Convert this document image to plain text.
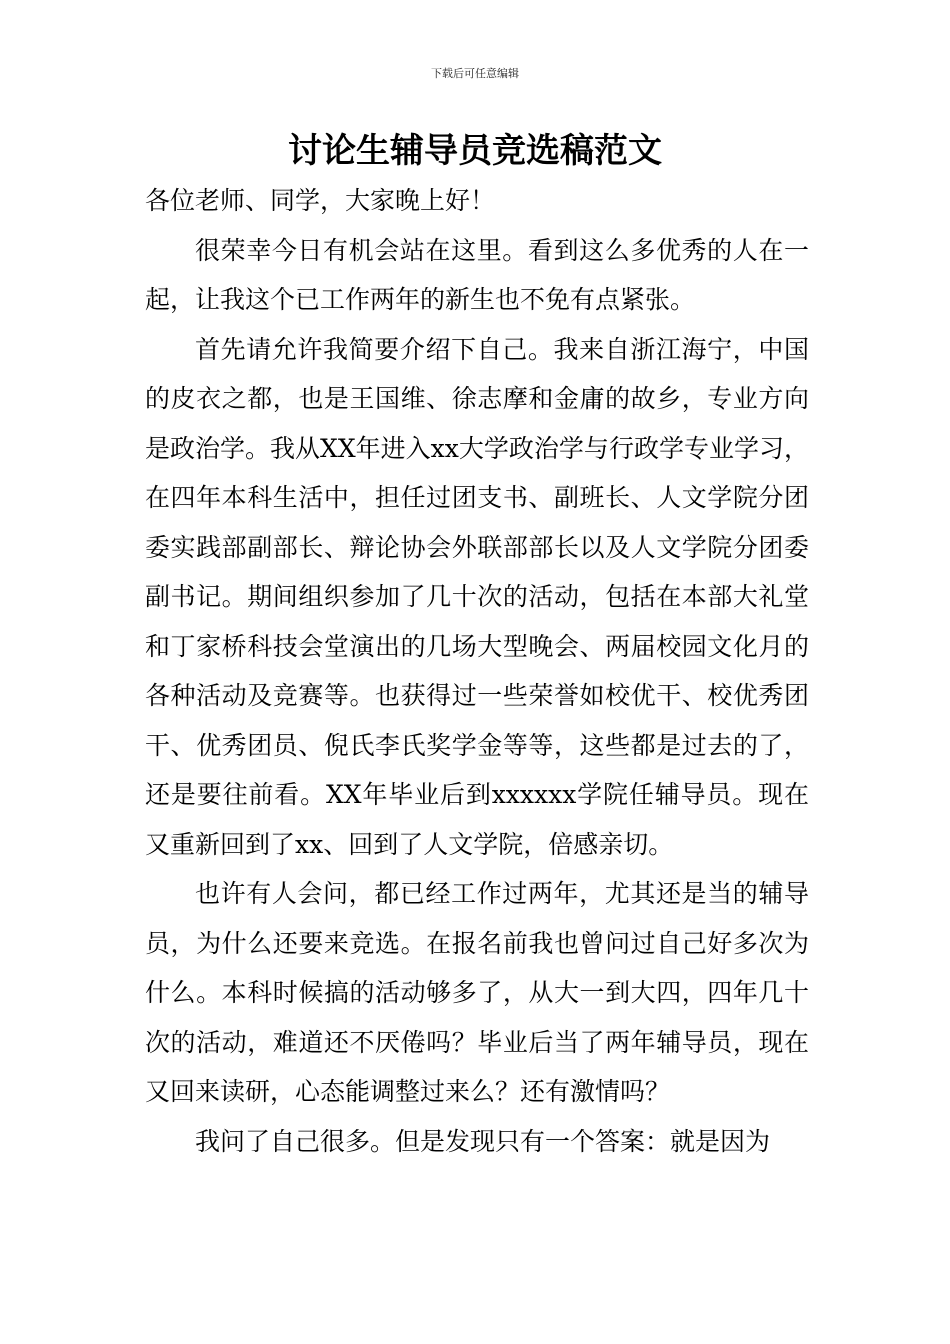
下载后可任意编辑
讨论生辅导员竞选稿范文

各位老师、同学，大家晚上好！

很荣幸今日有机会站在这里。看到这么多优秀的人在一起，让我这个已工作两年的新生也不免有点紧张。

首先请允许我简要介绍下自己。我来自浙江海宁，中国的皮衣之都，也是王国维、徐志摩和金庸的故乡，专业方向是政治学。我从XX年进入xx大学政治学与行政学专业学习，在四年本科生活中，担任过团支书、副班长、人文学院分团委实践部副部长、辩论协会外联部部长以及人文学院分团委副书记。期间组织参加了几十次的活动，包括在本部大礼堂和丁家桥科技会堂演出的几场大型晚会、两届校园文化月的各种活动及竞赛等。也获得过一些荣誉如校优干、校优秀团干、优秀团员、倪氏李氏奖学金等等，这些都是过去的了，还是要往前看。XX年毕业后到xxxxxx学院任辅导员。现在又重新回到了xx、回到了人文学院，倍感亲切。

也许有人会问，都已经工作过两年，尤其还是当的辅导员，为什么还要来竞选。在报名前我也曾问过自己好多次为什么。本科时候搞的活动够多了，从大一到大四，四年几十次的活动，难道还不厌倦吗？毕业后当了两年辅导员，现在又回来读研，心态能调整过来么？还有激情吗？

我问了自己很多。但是发现只有一个答案：就是因为
